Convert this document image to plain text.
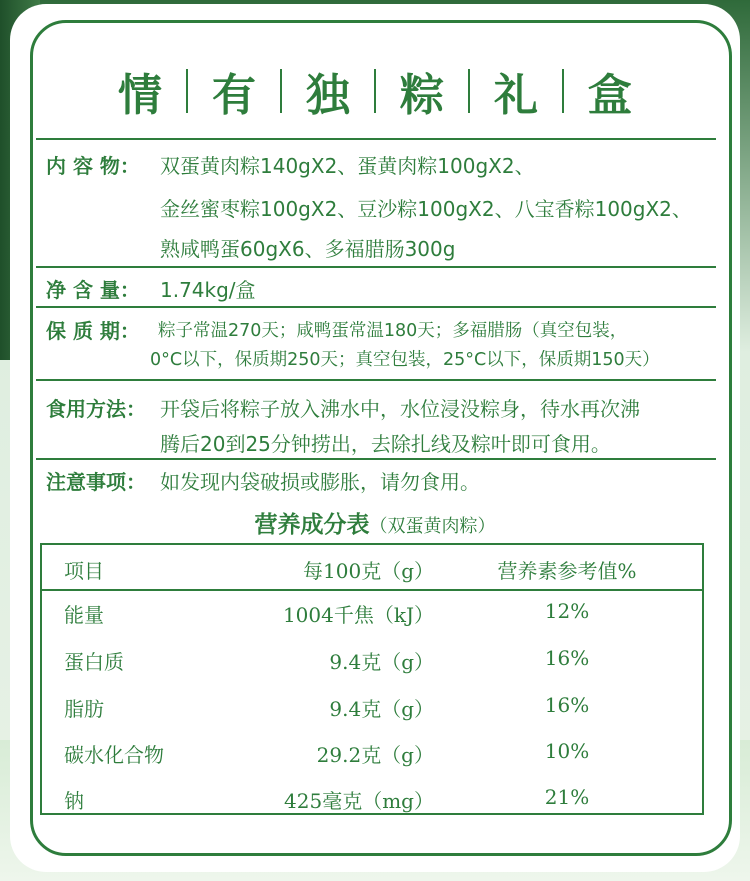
情	有	独	粽	礼	盒
内 容 物： 双蛋黄肉粽140gX2、蛋黄肉粽100gX2、
金丝蜜枣粽100gX2、豆沙粽100gX2、八宝香粽100gX2、
熟咸鸭蛋60gX6、多福腊肠300g
净 含 量： 1.74kg/盒
保 质 期： 粽子常温270天；咸鸭蛋常温180天；多福腊肠（真空包装，
0°C以下，保质期250天；真空包装，25°C以下，保质期150天）
食用方法： 开袋后将粽子放入沸水中，水位浸没粽身，待水再次沸
腾后20到25分钟捞出，去除扎线及粽叶即可食用。
注意事项： 如发现内袋破损或膨胀，请勿食用。
营养成分表（双蛋黄肉粽）
项目	每100克（g）	营养素参考值%
能量	1004千焦（kJ）	12%
蛋白质	9.4克（g）	16%
脂肪	9.4克（g）	16%
碳水化合物	29.2克（g）	10%
钠	425毫克（mg）	21%
